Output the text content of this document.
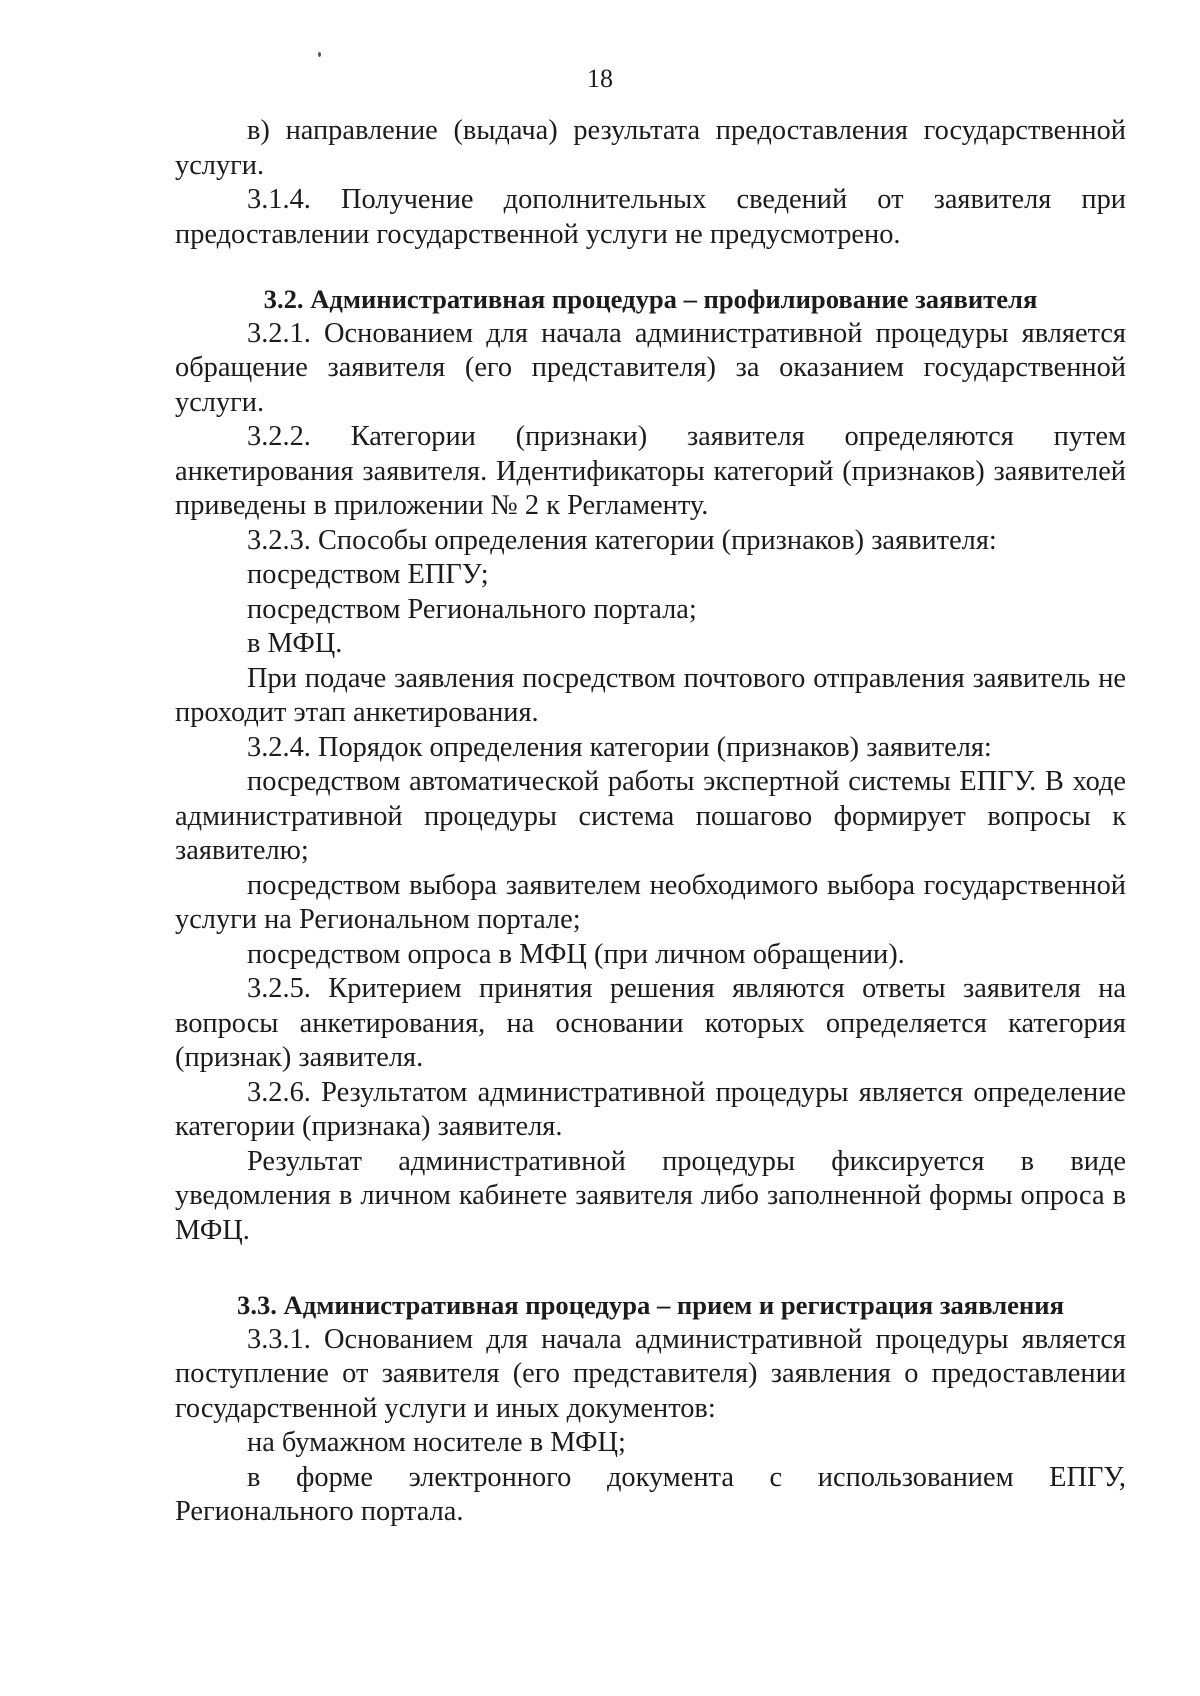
18

в) направление (выдача) результата предоставления государственной услуги.

3.1.4. Получение дополнительных сведений от заявителя при предоставлении государственной услуги не предусмотрено.

3.2. Административная процедура – профилирование заявителя

3.2.1. Основанием для начала административной процедуры является обращение заявителя (его представителя) за оказанием государственной услуги.

3.2.2. Категории (признаки) заявителя определяются путем анкетирования заявителя. Идентификаторы категорий (признаков) заявителей приведены в приложении № 2 к Регламенту.

3.2.3. Способы определения категории (признаков) заявителя:

посредством ЕПГУ;

посредством Регионального портала;

в МФЦ.

При подаче заявления посредством почтового отправления заявитель не проходит этап анкетирования.

3.2.4. Порядок определения категории (признаков) заявителя:

посредством автоматической работы экспертной системы ЕПГУ. В ходе административной процедуры система пошагово формирует вопросы к заявителю;

посредством выбора заявителем необходимого выбора государственной услуги на Региональном портале;

посредством опроса в МФЦ (при личном обращении).

3.2.5. Критерием принятия решения являются ответы заявителя на вопросы анкетирования, на основании которых определяется категория (признак) заявителя.

3.2.6. Результатом административной процедуры является определение категории (признака) заявителя.

Результат административной процедуры фиксируется в виде уведомления в личном кабинете заявителя либо заполненной формы опроса в МФЦ.

3.3. Административная процедура – прием и регистрация заявления

3.3.1. Основанием для начала административной процедуры является поступление от заявителя (его представителя) заявления о предоставлении государственной услуги и иных документов:

на бумажном носителе в МФЦ;

в форме электронного документа с использованием ЕПГУ, Регионального портала.
